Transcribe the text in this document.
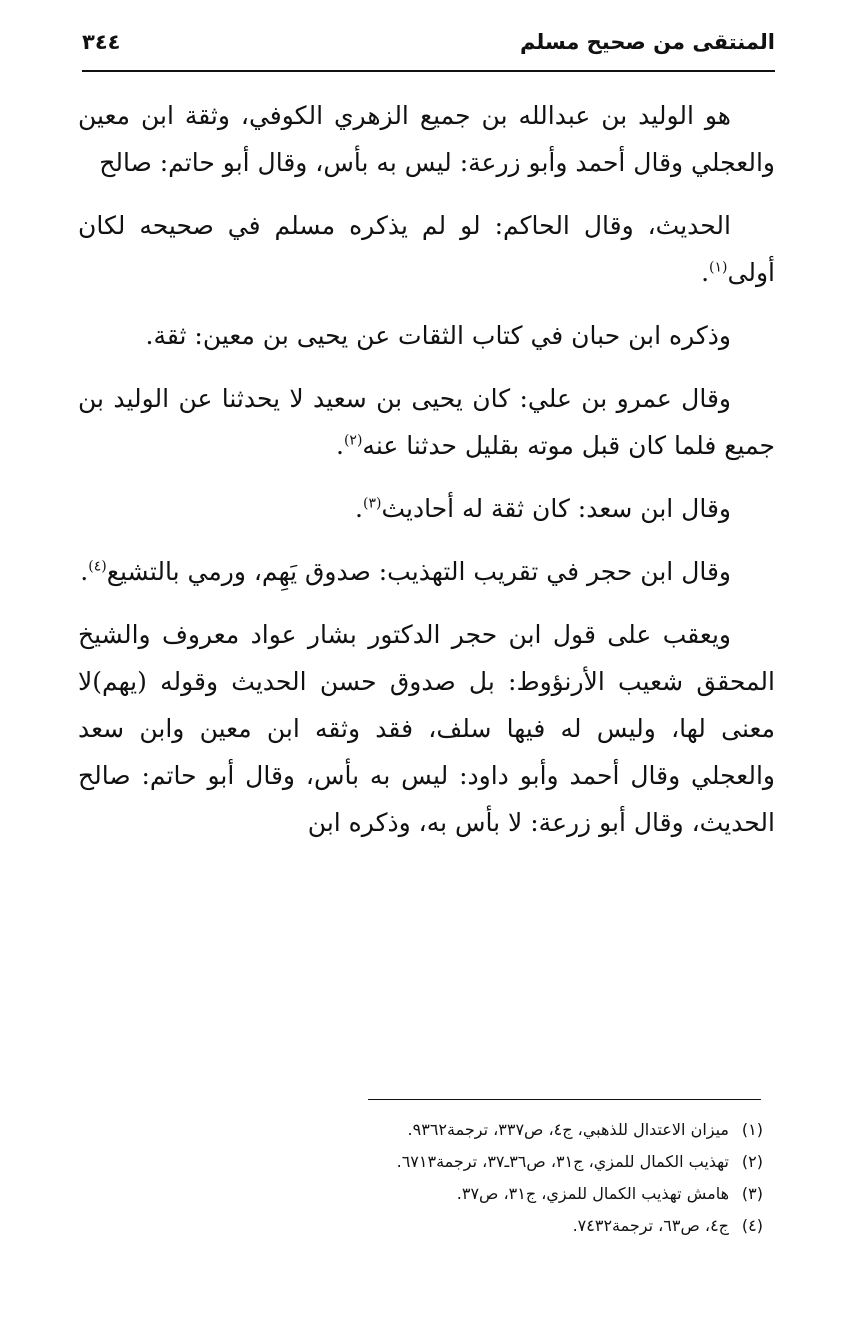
المنتقى من صحيح مسلم
٣٤٤

هو الوليد بن عبدالله بن جميع الزهري الكوفي، وثقة ابن معين والعجلي وقال أحمد وأبو زرعة: ليس به بأس، وقال أبو حاتم: صالح

الحديث، وقال الحاكم: لو لم يذكره مسلم في صحيحه لكان أولى$^{(١)}$.

وذكره ابن حبان في كتاب الثقات عن يحيى بن معين: ثقة.

وقال عمرو بن علي: كان يحيى بن سعيد لا يحدثنا عن الوليد بن جميع فلما كان قبل موته بقليل حدثنا عنه$^{(٢)}$.

وقال ابن سعد: كان ثقة له أحاديث$^{(٣)}$.

وقال ابن حجر في تقريب التهذيب: صدوق يَهِم، ورمي بالتشيع$^{(٤)}$.

ويعقب على قول ابن حجر الدكتور بشار عواد معروف والشيخ المحقق شعيب الأرنؤوط: بل صدوق حسن الحديث وقوله (يهم)لا معنى لها، وليس له فيها سلف، فقد وثقه ابن معين وابن سعد والعجلي وقال أحمد وأبو داود: ليس به بأس، وقال أبو حاتم: صالح الحديث، وقال أبو زرعة: لا بأس به، وذكره ابن

(١)ميزان الاعتدال للذهبي، ج٤، ص٣٣٧، ترجمة٩٣٦٢.
(٢)تهذيب الكمال للمزي، ج٣١، ص٣٦ـ٣٧، ترجمة٦٧١٣.
(٣)هامش تهذيب الكمال للمزي، ج٣١، ص٣٧.
(٤)ج٤، ص٦٣، ترجمة٧٤٣٢.
